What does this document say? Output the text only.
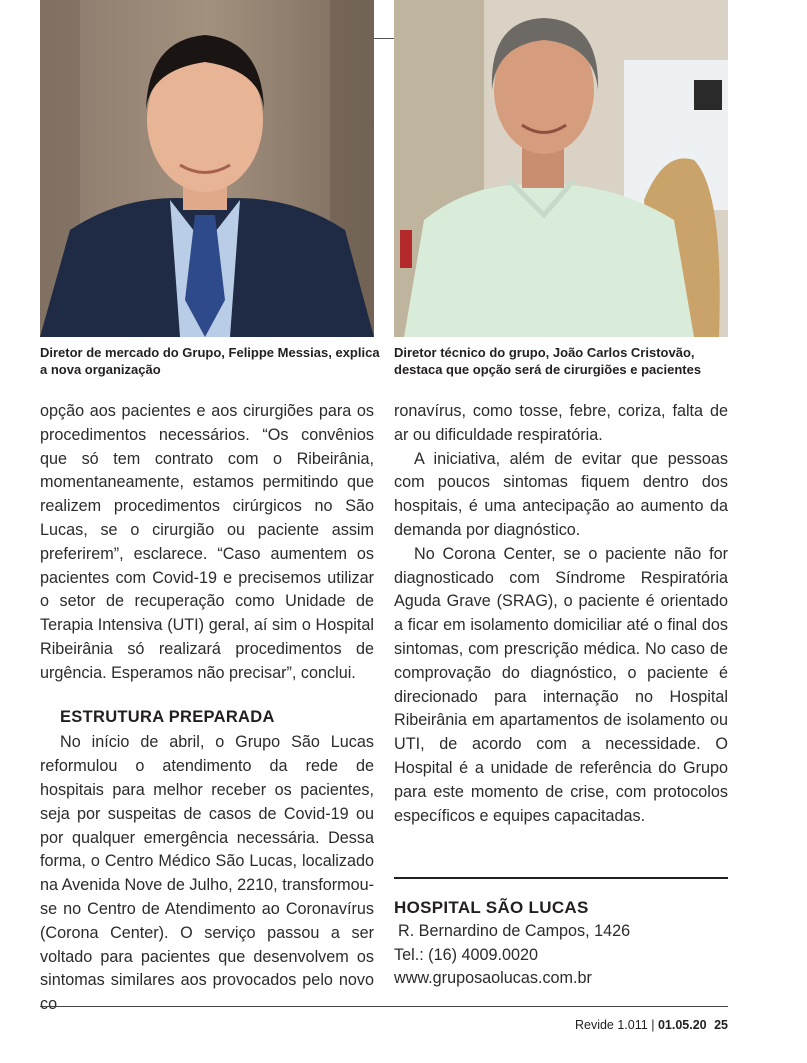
Diretor de mercado do Grupo, Felippe Messias, explica a nova organização
Diretor técnico do grupo, João Carlos Cristovão, destaca que opção será de cirurgiões e pacientes

opção aos pacientes e aos cirurgiões para os procedimentos necessários. “Os convênios que só tem contrato com o Ribeirânia, momentaneamente, estamos permitindo que realizem procedimentos cirúrgicos no São Lucas, se o cirurgião ou paciente assim preferirem”, esclarece. “Caso aumentem os pacientes com Covid-19 e precisemos utilizar o setor de recuperação como Unidade de Terapia Intensiva (UTI) geral, aí sim o Hospital Ribeirânia só realizará procedimentos de urgência. Esperamos não precisar”, conclui.

ESTRUTURA PREPARADA

No início de abril, o Grupo São Lucas reformulou o atendimento da rede de hospitais para melhor receber os pacientes, seja por suspeitas de casos de Covid-19 ou por qualquer emergência necessária. Dessa forma, o Centro Médico São Lucas, localizado na Avenida Nove de Julho, 2210, transformou-se no Centro de Atendimento ao Coronavírus (Corona Center). O serviço passou a ser voltado para pacientes que desenvolvem os sintomas similares aos provocados pelo novo co

ronavírus, como tosse, febre, coriza, falta de ar ou dificuldade respiratória.

A iniciativa, além de evitar que pessoas com poucos sintomas fiquem dentro dos hospitais, é uma antecipação ao aumento da demanda por diagnóstico.

No Corona Center, se o paciente não for diagnosticado com Síndrome Respiratória Aguda Grave (SRAG), o paciente é orientado a ficar em isolamento domiciliar até o final dos sintomas, com prescrição médica. No caso de comprovação do diagnóstico, o paciente é direcionado para internação no Hospital Ribeirânia em apartamentos de isolamento ou UTI, de acordo com a necessidade. O Hospital é a unidade de referência do Grupo para este momento de crise, com protocolos específicos e equipes capacitadas.

HOSPITAL SÃO LUCAS
R. Bernardino de Campos, 1426
Tel.: (16) 4009.0020
www.gruposaolucas.com.br
Revide 1.011 | 01.05.20 25
